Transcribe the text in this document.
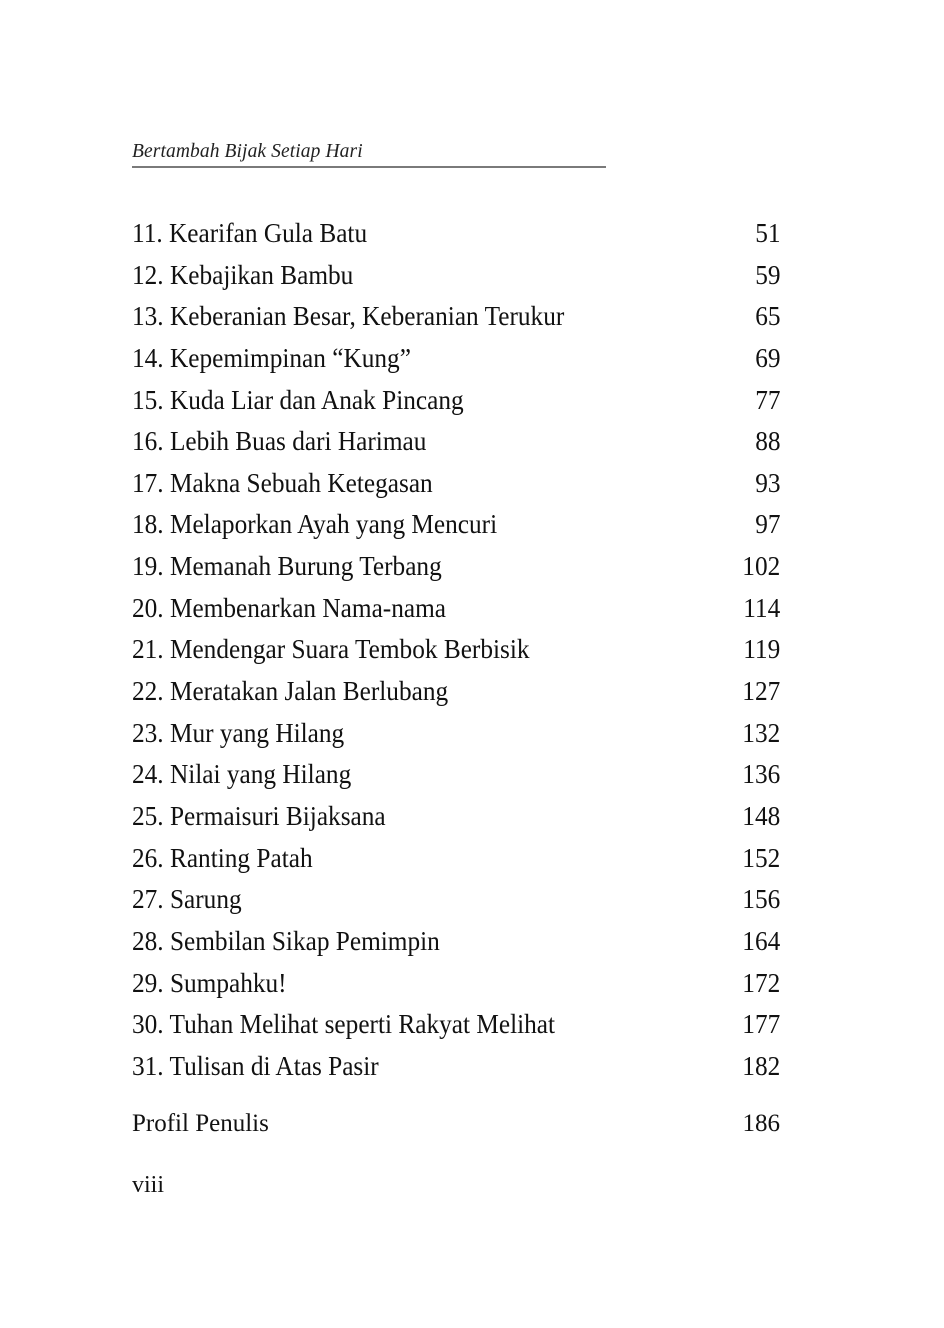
Bertambah Bijak Setiap Hari
11. Kearifan Gula Batu	51
12. Kebajikan Bambu	59
13. Keberanian Besar, Keberanian Terukur	65
14. Kepemimpinan “Kung”	69
15. Kuda Liar dan Anak Pincang	77
16. Lebih Buas dari Harimau	88
17. Makna Sebuah Ketegasan	93
18. Melaporkan Ayah yang Mencuri	97
19. Memanah Burung Terbang	102
20. Membenarkan Nama-nama	114
21. Mendengar Suara Tembok Berbisik	119
22. Meratakan Jalan Berlubang	127
23. Mur yang Hilang	132
24. Nilai yang Hilang	136
25. Permaisuri Bijaksana	148
26. Ranting Patah	152
27. Sarung	156
28. Sembilan Sikap Pemimpin	164
29. Sumpahku!	172
30. Tuhan Melihat seperti Rakyat Melihat	177
31. Tulisan di Atas Pasir	182
Profil Penulis	186
viii
